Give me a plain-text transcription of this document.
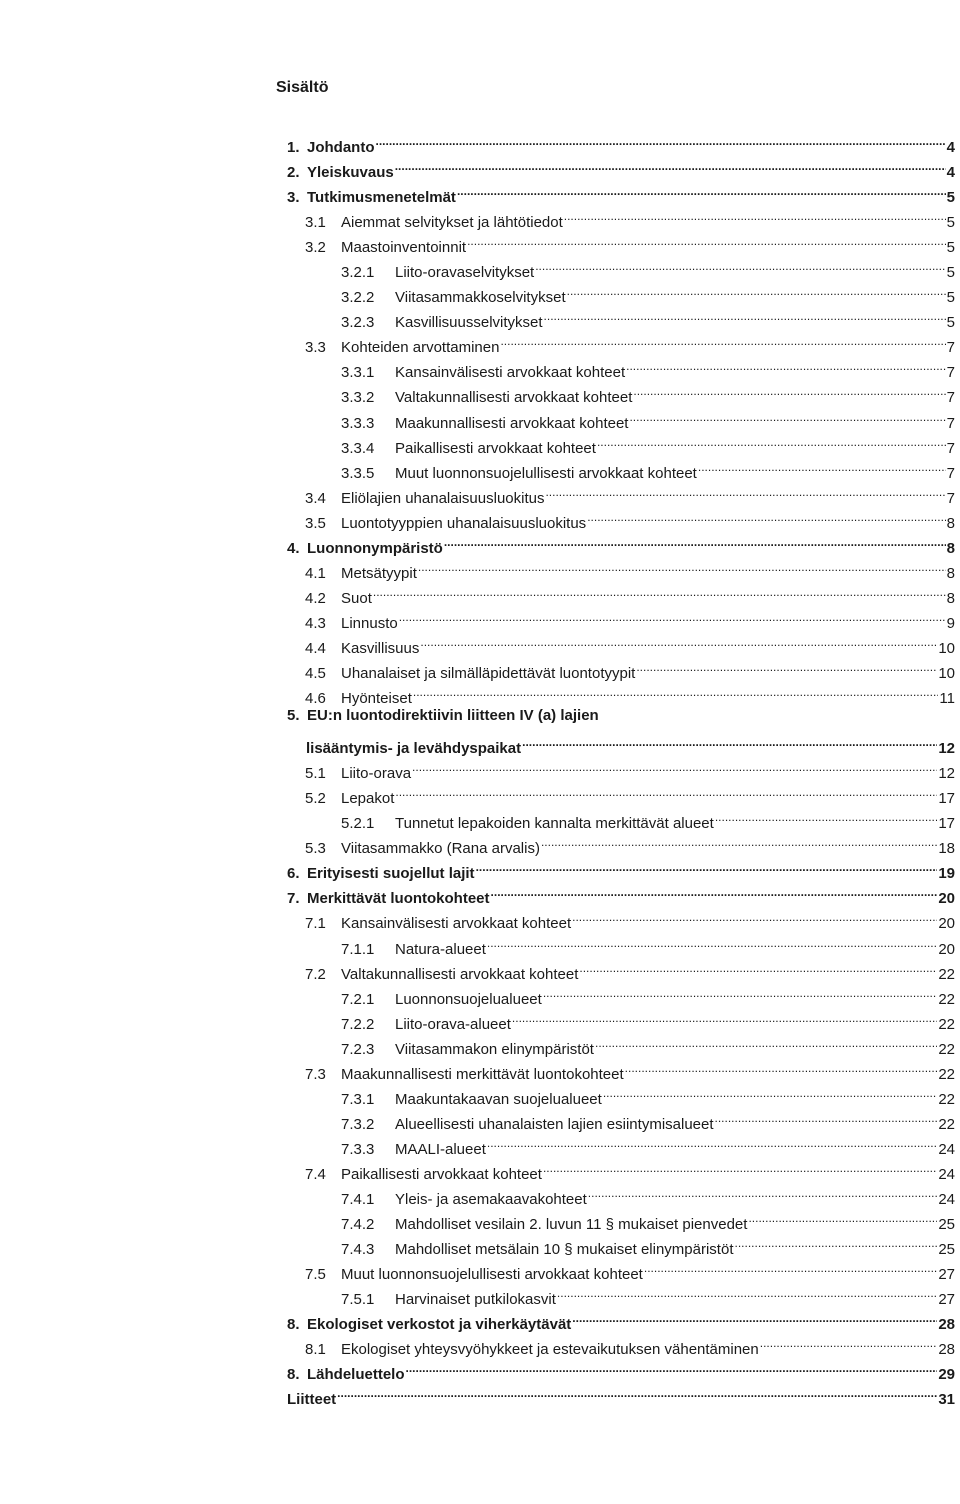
Sisältö
1. Johdanto .....	4
2. Yleiskuvaus .....	4
3. Tutkimusmenetelmät .....	5
3.1	Aiemmat selvitykset ja lähtötiedot .....	5
3.2	Maastoinventoinnit .....	5
3.2.1	Liito-oravaselvitykset .....	5
3.2.2	Viitasammakkoselvitykset .....	5
3.2.3	Kasvillisuusselvitykset .....	5
3.3	Kohteiden arvottaminen .....	7
3.3.1	Kansainvälisesti arvokkaat kohteet .....	7
3.3.2	Valtakunnallisesti arvokkaat kohteet .....	7
3.3.3	Maakunnallisesti arvokkaat kohteet .....	7
3.3.4	Paikallisesti arvokkaat kohteet .....	7
3.3.5	Muut luonnonsuojelullisesti arvokkaat kohteet .....	7
3.4	Eliölajien uhanalaisuusluokitus .....	7
3.5	Luontotyyppien uhanalaisuusluokitus .....	8
4. Luonnonympäristö .....	8
4.1	Metsätyypit .....	8
4.2	Suot .....	8
4.3	Linnusto .....	9
4.4	Kasvillisuus .....	10
4.5	Uhanalaiset ja silmälläpidettävät luontotyypit .....	10
4.6	Hyönteiset .....	11
5. EU:n luontodirektiivin liitteen IV (a) lajien
lisääntymis- ja levähdyspaikat .....	12
5.1	Liito-orava .....	12
5.2	Lepakot .....	17
5.2.1	Tunnetut lepakoiden kannalta merkittävät alueet .....	17
5.3	Viitasammakko (Rana arvalis) .....	18
6. Erityisesti suojellut lajit .....	19
7. Merkittävät luontokohteet .....	20
7.1	Kansainvälisesti arvokkaat kohteet .....	20
7.1.1	Natura-alueet .....	20
7.2	Valtakunnallisesti arvokkaat kohteet .....	22
7.2.1	Luonnonsuojelualueet .....	22
7.2.2	Liito-orava-alueet .....	22
7.2.3	Viitasammakon elinympäristöt .....	22
7.3	Maakunnallisesti merkittävät luontokohteet .....	22
7.3.1	Maakuntakaavan suojelualueet .....	22
7.3.2	Alueellisesti uhanalaisten lajien esiintymisalueet .....	22
7.3.3	MAALI-alueet .....	24
7.4	Paikallisesti arvokkaat kohteet .....	24
7.4.1	Yleis- ja asemakaavakohteet .....	24
7.4.2	Mahdolliset vesilain 2. luvun 11 § mukaiset pienvedet .....	25
7.4.3	Mahdolliset metsälain 10 § mukaiset elinympäristöt .....	25
7.5	Muut luonnonsuojelullisesti arvokkaat kohteet .....	27
7.5.1	Harvinaiset putkilokasvit .....	27
8. Ekologiset verkostot ja viherkäytävät .....	28
8.1	Ekologiset yhteysvyöhykkeet ja estevaikutuksen vähentäminen .....	28
8. Lähdeluettelo .....	29
Liitteet .....	31
